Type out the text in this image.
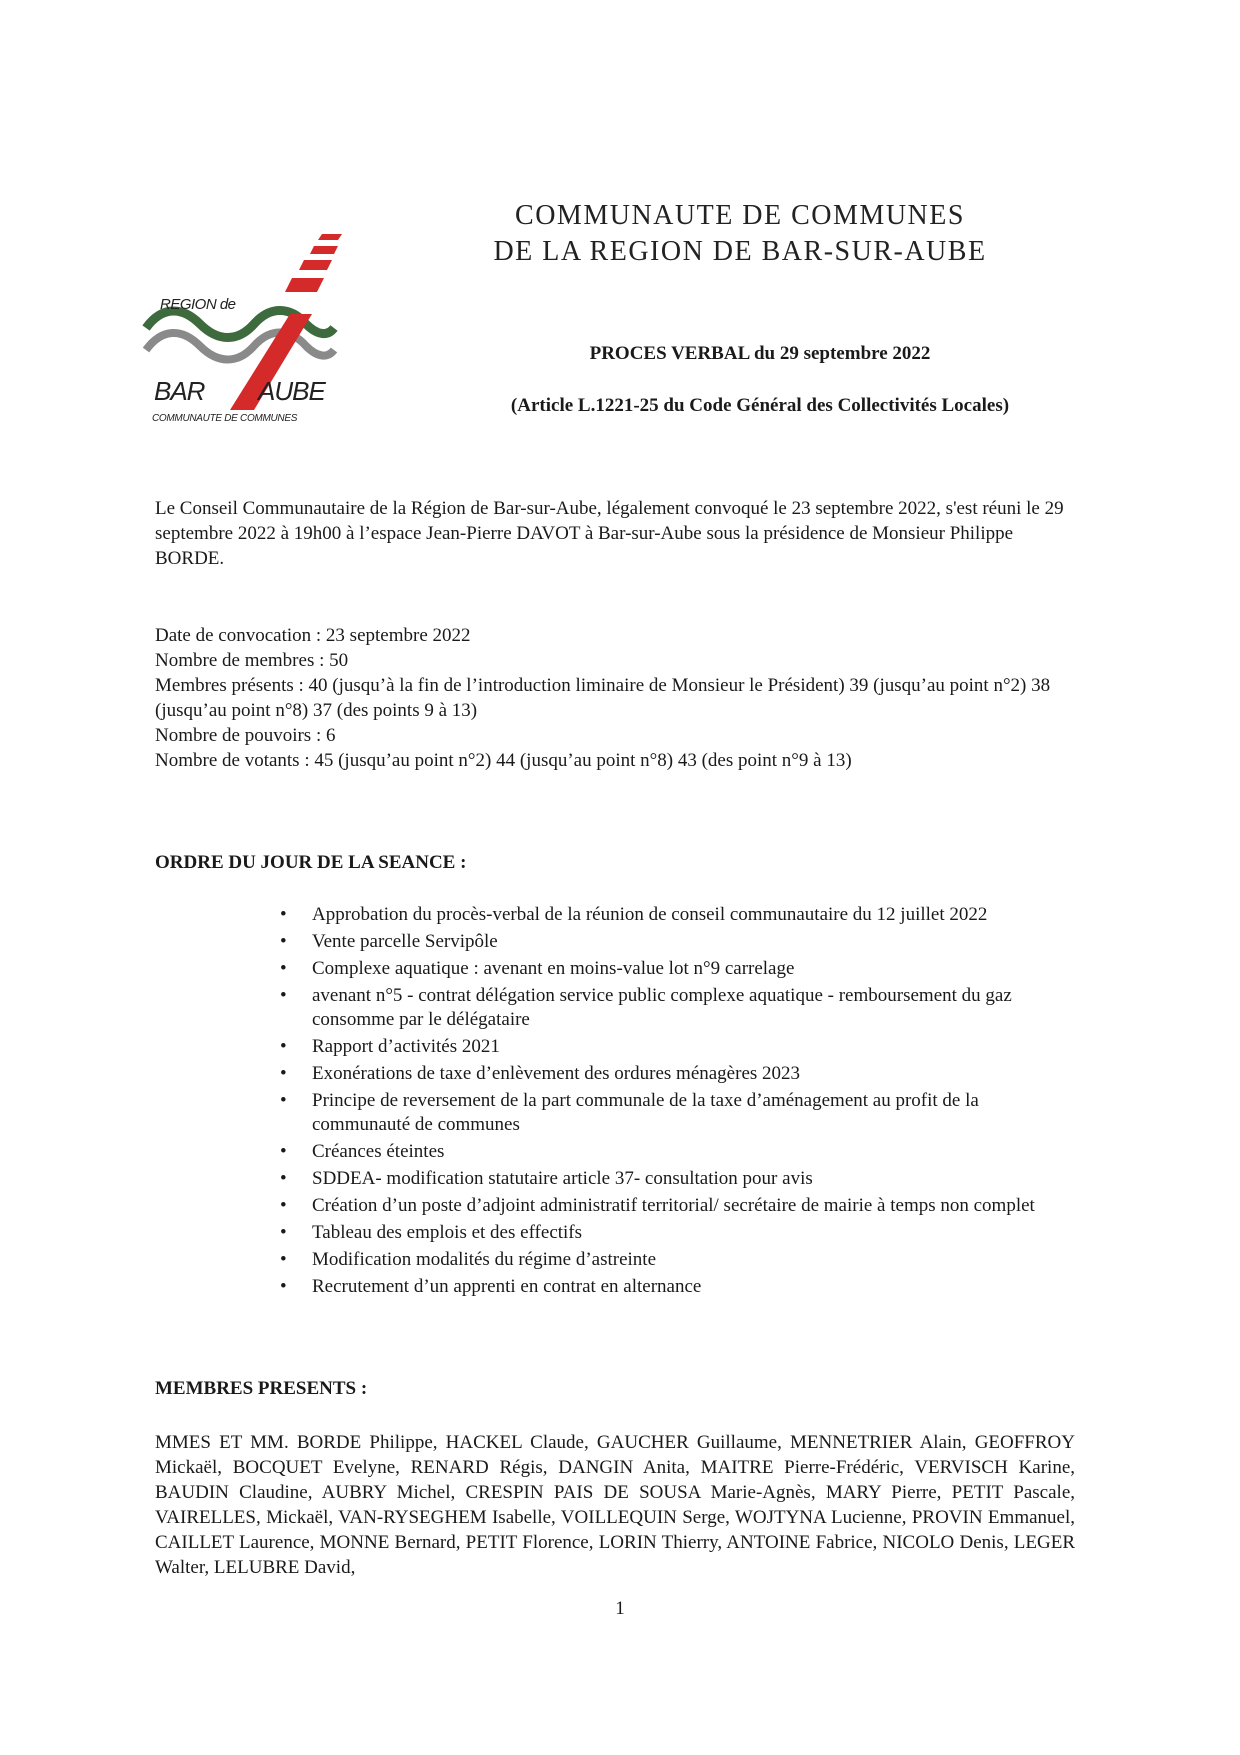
REGION de
BAR AUBE
COMMUNAUTE DE COMMUNES
COMMUNAUTE DE COMMUNES
DE LA REGION DE BAR-SUR-AUBE
PROCES VERBAL du 29 septembre 2022
(Article L.1221-25 du Code Général des Collectivités Locales)
Le Conseil Communautaire de la Région de Bar-sur-Aube, légalement convoqué le 23 septembre 2022, s'est réuni le 29 septembre 2022 à 19h00 à l’espace Jean-Pierre DAVOT à Bar-sur-Aube sous la présidence de Monsieur Philippe BORDE.
Date de convocation : 23 septembre 2022
Nombre de membres : 50
Membres présents : 40 (jusqu’à la fin de l’introduction liminaire de Monsieur le Président) 39 (jusqu’au point n°2) 38 (jusqu’au point n°8) 37 (des points 9 à 13)
Nombre de pouvoirs : 6
Nombre de votants : 45 (jusqu’au point n°2) 44 (jusqu’au point n°8) 43 (des point n°9 à 13)
ORDRE DU JOUR DE LA SEANCE :
• Approbation du procès-verbal de la réunion de conseil communautaire du 12 juillet 2022
• Vente parcelle Servipôle
• Complexe aquatique : avenant en moins-value lot n°9 carrelage
• avenant n°5 - contrat délégation service public complexe aquatique - remboursement du gaz consomme par le délégataire
• Rapport d’activités 2021
• Exonérations de taxe d’enlèvement des ordures ménagères 2023
• Principe de reversement de la part communale de la taxe d’aménagement au profit de la communauté de communes
• Créances éteintes
• SDDEA- modification statutaire article 37- consultation pour avis
• Création d’un poste d’adjoint administratif territorial/ secrétaire de mairie à temps non complet
• Tableau des emplois et des effectifs
• Modification modalités du régime d’astreinte
• Recrutement d’un apprenti en contrat en alternance
MEMBRES PRESENTS :
MMES ET MM. BORDE Philippe, HACKEL Claude, GAUCHER Guillaume, MENNETRIER Alain, GEOFFROY Mickaël, BOCQUET Evelyne, RENARD Régis, DANGIN Anita, MAITRE Pierre-Frédéric, VERVISCH Karine, BAUDIN Claudine, AUBRY Michel, CRESPIN PAIS DE SOUSA Marie-Agnès, MARY Pierre, PETIT Pascale, VAIRELLES, Mickaël, VAN-RYSEGHEM Isabelle, VOILLEQUIN Serge, WOJTYNA Lucienne, PROVIN Emmanuel, CAILLET Laurence, MONNE Bernard, PETIT Florence, LORIN Thierry, ANTOINE Fabrice, NICOLO Denis, LEGER Walter, LELUBRE David,
1
